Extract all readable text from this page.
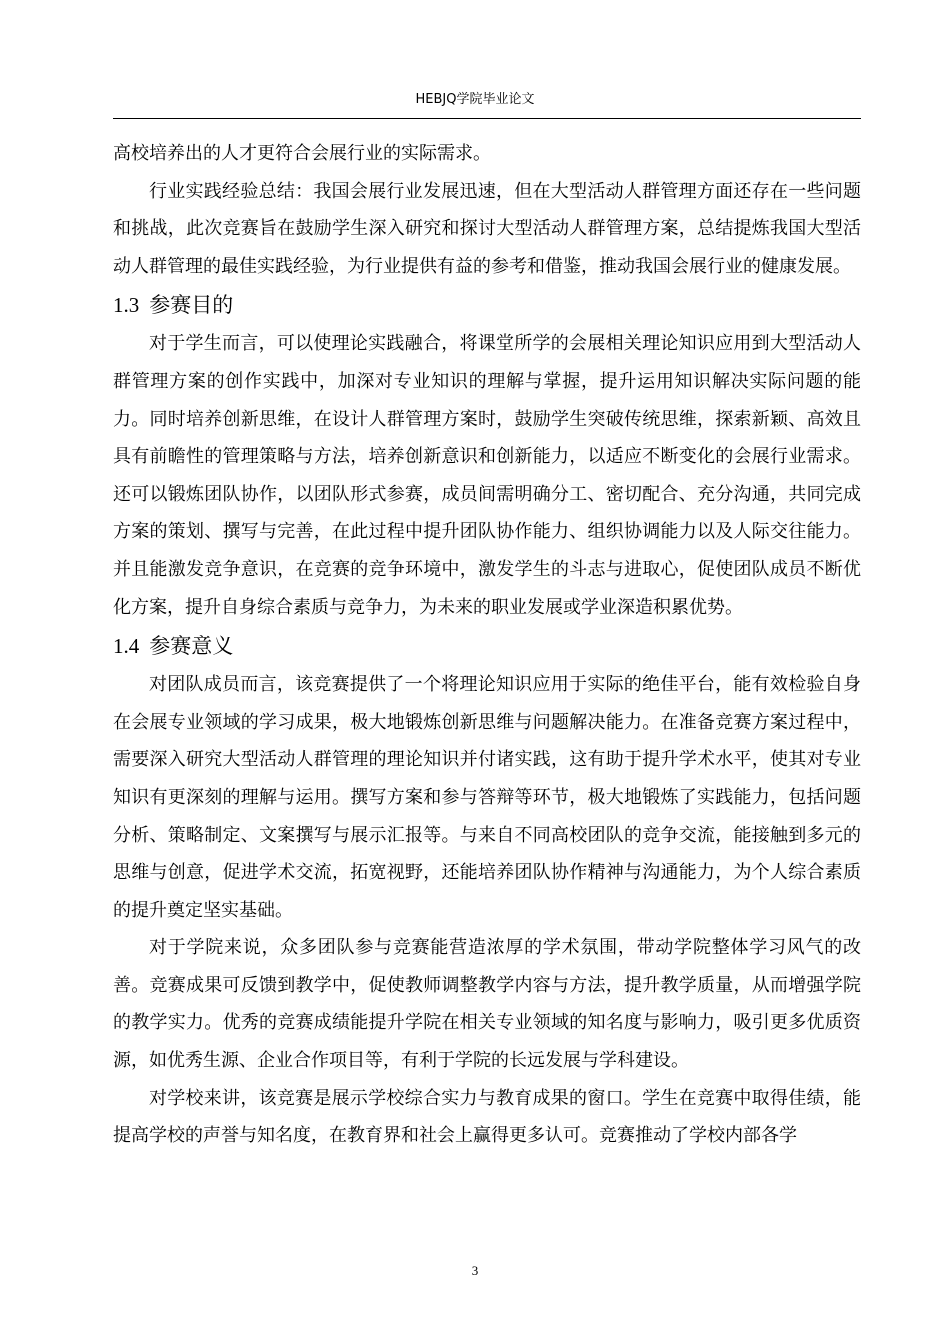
HEBJQ学院毕业论文

高校培养出的人才更符合会展行业的实际需求。

行业实践经验总结：我国会展行业发展迅速，但在大型活动人群管理方面还存在一些问题和挑战，此次竞赛旨在鼓励学生深入研究和探讨大型活动人群管理方案，总结提炼我国大型活动人群管理的最佳实践经验，为行业提供有益的参考和借鉴，推动我国会展行业的健康发展。

1.3 参赛目的

对于学生而言，可以使理论实践融合，将课堂所学的会展相关理论知识应用到大型活动人群管理方案的创作实践中，加深对专业知识的理解与掌握，提升运用知识解决实际问题的能力。同时培养创新思维，在设计人群管理方案时，鼓励学生突破传统思维，探索新颖、高效且具有前瞻性的管理策略与方法，培养创新意识和创新能力，以适应不断变化的会展行业需求。还可以锻炼团队协作，以团队形式参赛，成员间需明确分工、密切配合、充分沟通，共同完成方案的策划、撰写与完善，在此过程中提升团队协作能力、组织协调能力以及人际交往能力。并且能激发竞争意识，在竞赛的竞争环境中，激发学生的斗志与进取心，促使团队成员不断优化方案，提升自身综合素质与竞争力，为未来的职业发展或学业深造积累优势。

1.4 参赛意义

对团队成员而言，该竞赛提供了一个将理论知识应用于实际的绝佳平台，能有效检验自身在会展专业领域的学习成果，极大地锻炼创新思维与问题解决能力。在准备竞赛方案过程中，需要深入研究大型活动人群管理的理论知识并付诸实践，这有助于提升学术水平，使其对专业知识有更深刻的理解与运用。撰写方案和参与答辩等环节，极大地锻炼了实践能力，包括问题分析、策略制定、文案撰写与展示汇报等。与来自不同高校团队的竞争交流，能接触到多元的思维与创意，促进学术交流，拓宽视野，还能培养团队协作精神与沟通能力，为个人综合素质的提升奠定坚实基础。

对于学院来说，众多团队参与竞赛能营造浓厚的学术氛围，带动学院整体学习风气的改善。竞赛成果可反馈到教学中，促使教师调整教学内容与方法，提升教学质量，从而增强学院的教学实力。优秀的竞赛成绩能提升学院在相关专业领域的知名度与影响力，吸引更多优质资源，如优秀生源、企业合作项目等，有利于学院的长远发展与学科建设。

对学校来讲，该竞赛是展示学校综合实力与教育成果的窗口。学生在竞赛中取得佳绩，能提高学校的声誉与知名度，在教育界和社会上赢得更多认可。竞赛推动了学校内部各学

3
